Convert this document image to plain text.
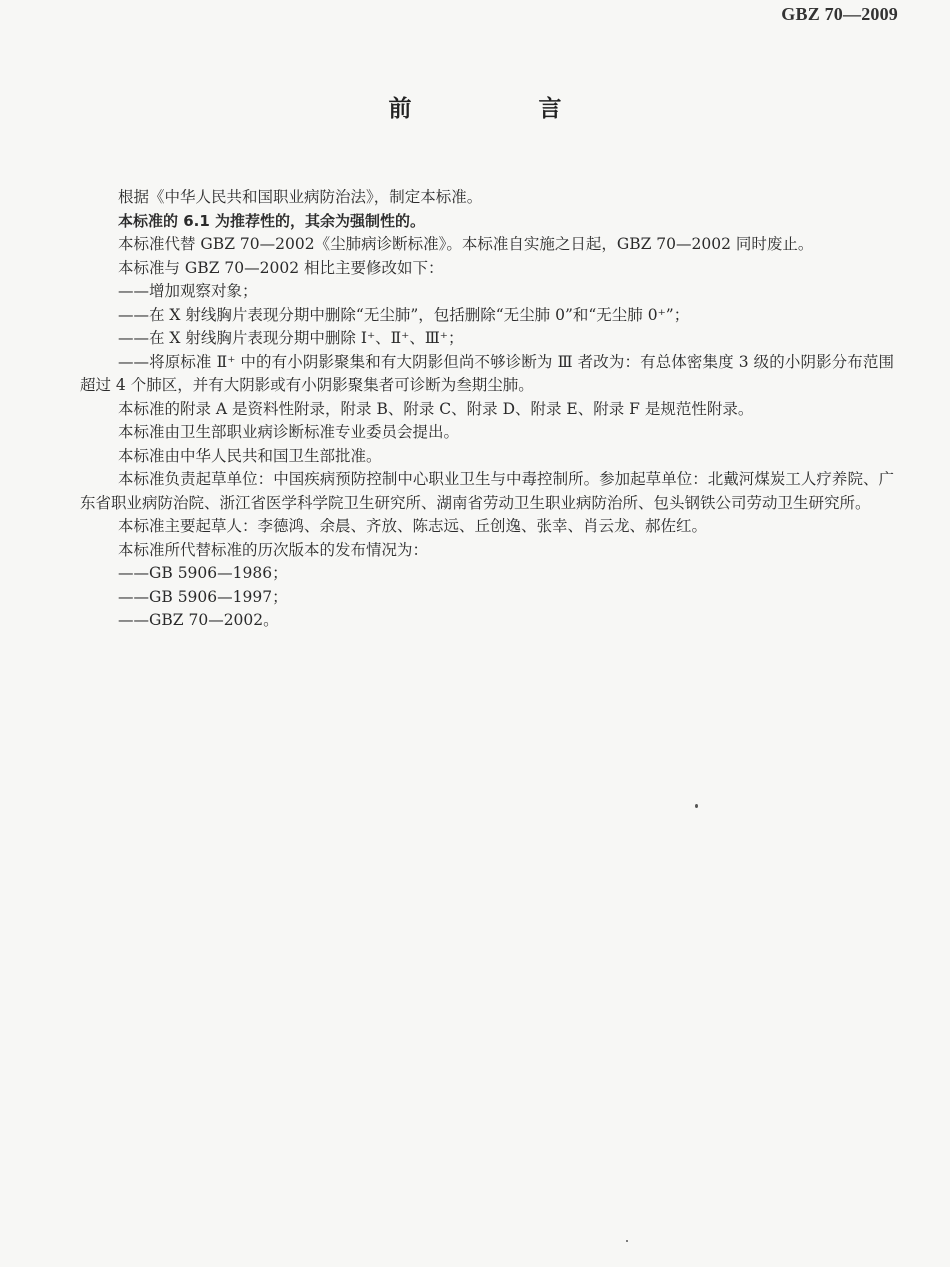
GBZ 70—2009
前　言

根据《中华人民共和国职业病防治法》，制定本标准。

本标准的 6.1 为推荐性的，其余为强制性的。

本标准代替 GBZ 70—2002《尘肺病诊断标准》。本标准自实施之日起，GBZ 70—2002 同时废止。

本标准与 GBZ 70—2002 相比主要修改如下：

——增加观察对象；

——在 X 射线胸片表现分期中删除“无尘肺”，包括删除“无尘肺 0”和“无尘肺 0⁺”；

——在 X 射线胸片表现分期中删除 Ⅰ⁺、Ⅱ⁺、Ⅲ⁺；

——将原标准 Ⅱ⁺ 中的有小阴影聚集和有大阴影但尚不够诊断为 Ⅲ 者改为：有总体密集度 3 级的小阴影分布范围超过 4 个肺区，并有大阴影或有小阴影聚集者可诊断为叁期尘肺。

本标准的附录 A 是资料性附录，附录 B、附录 C、附录 D、附录 E、附录 F 是规范性附录。

本标准由卫生部职业病诊断标准专业委员会提出。

本标准由中华人民共和国卫生部批准。

本标准负责起草单位：中国疾病预防控制中心职业卫生与中毒控制所。参加起草单位：北戴河煤炭工人疗养院、广东省职业病防治院、浙江省医学科学院卫生研究所、湖南省劳动卫生职业病防治所、包头钢铁公司劳动卫生研究所。

本标准主要起草人：李德鸿、余晨、齐放、陈志远、丘创逸、张幸、肖云龙、郝佐红。

本标准所代替标准的历次版本的发布情况为：

——GB 5906—1986；

——GB 5906—1997；

——GBZ 70—2002。
